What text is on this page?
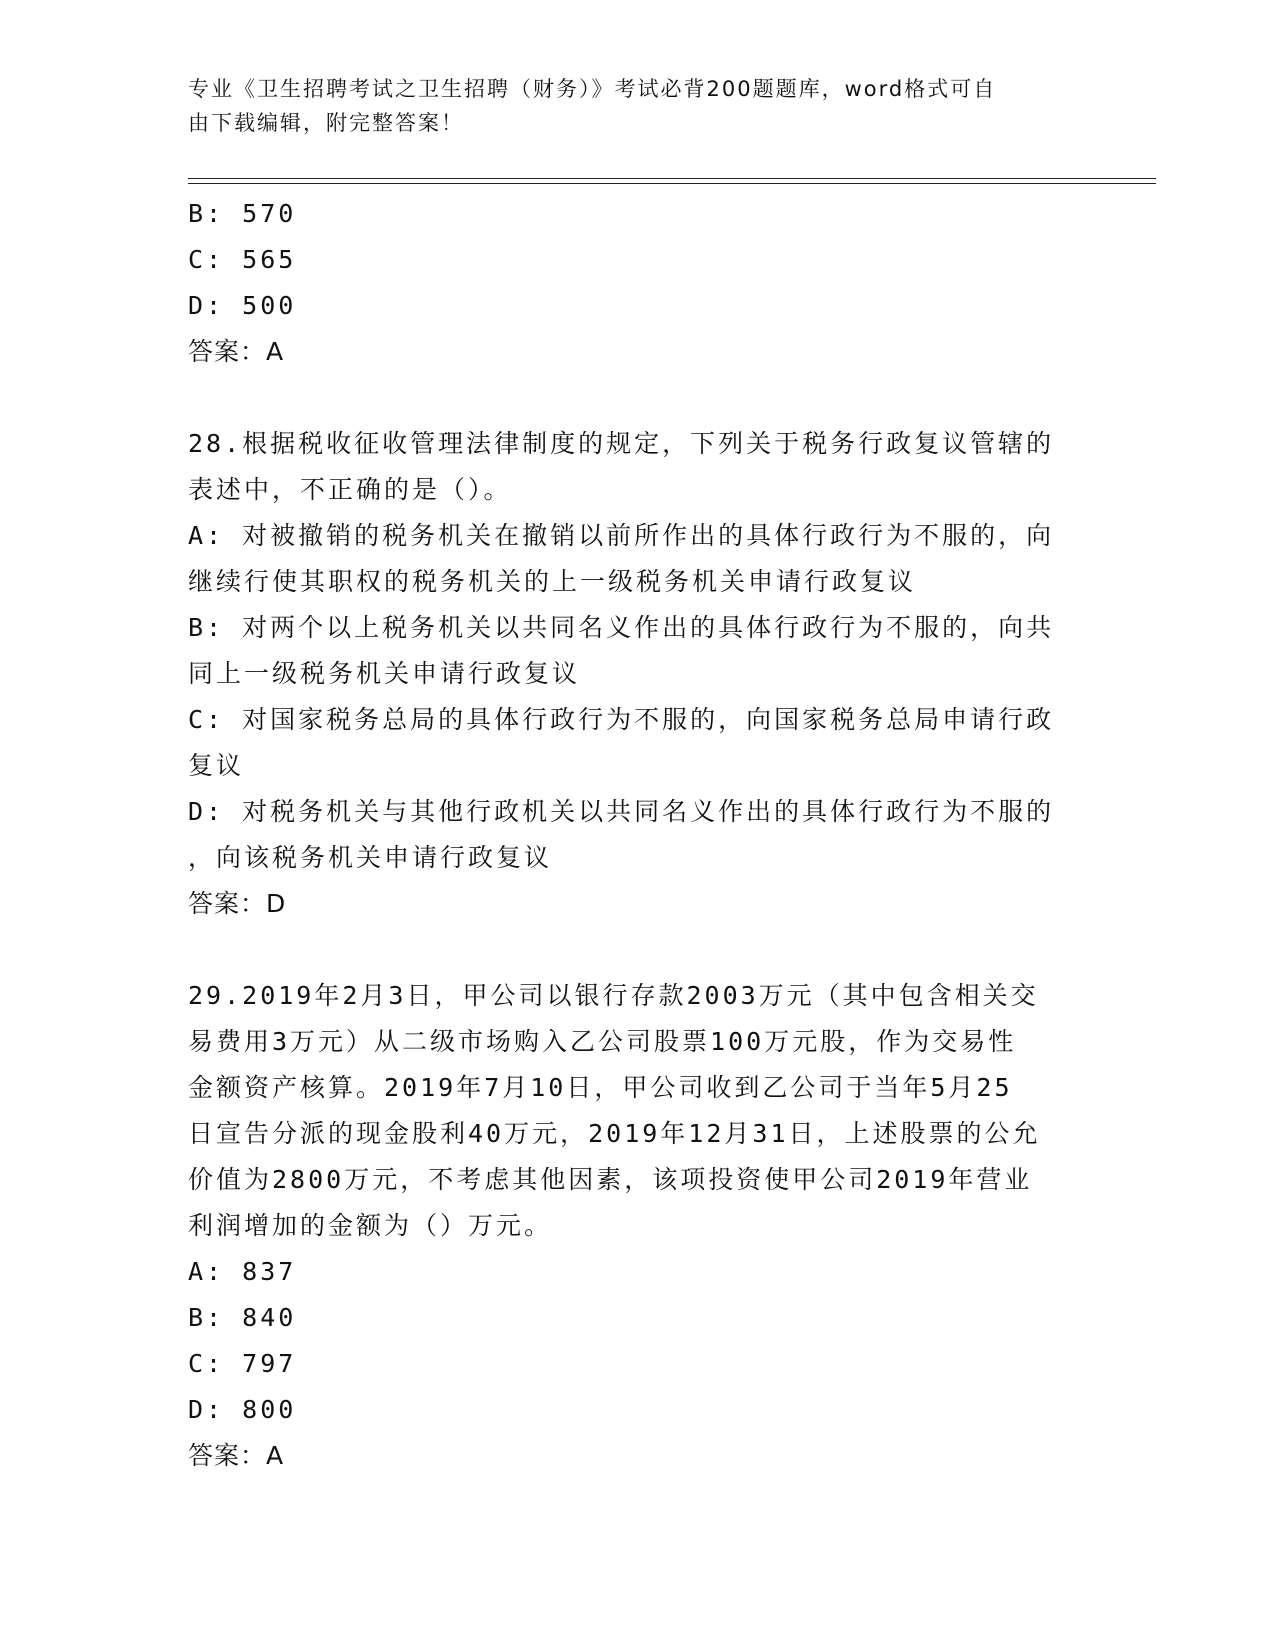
专业《卫生招聘考试之卫生招聘（财务）》考试必背200题题库，word格式可自
由下载编辑，附完整答案！
B: 570
C: 565
D: 500
答案：A
28.根据税收征收管理法律制度的规定，下列关于税务行政复议管辖的
表述中，不正确的是（）。
A: 对被撤销的税务机关在撤销以前所作出的具体行政行为不服的，向
继续行使其职权的税务机关的上一级税务机关申请行政复议
B: 对两个以上税务机关以共同名义作出的具体行政行为不服的，向共
同上一级税务机关申请行政复议
C: 对国家税务总局的具体行政行为不服的，向国家税务总局申请行政
复议
D: 对税务机关与其他行政机关以共同名义作出的具体行政行为不服的
，向该税务机关申请行政复议
答案：D
29.2019年2月3日，甲公司以银行存款2003万元（其中包含相关交
易费用3万元）从二级市场购入乙公司股票100万元股，作为交易性
金额资产核算。2019年7月10日，甲公司收到乙公司于当年5月25
日宣告分派的现金股利40万元，2019年12月31日，上述股票的公允
价值为2800万元，不考虑其他因素，该项投资使甲公司2019年营业
利润增加的金额为（）万元。
A: 837
B: 840
C: 797
D: 800
答案：A
